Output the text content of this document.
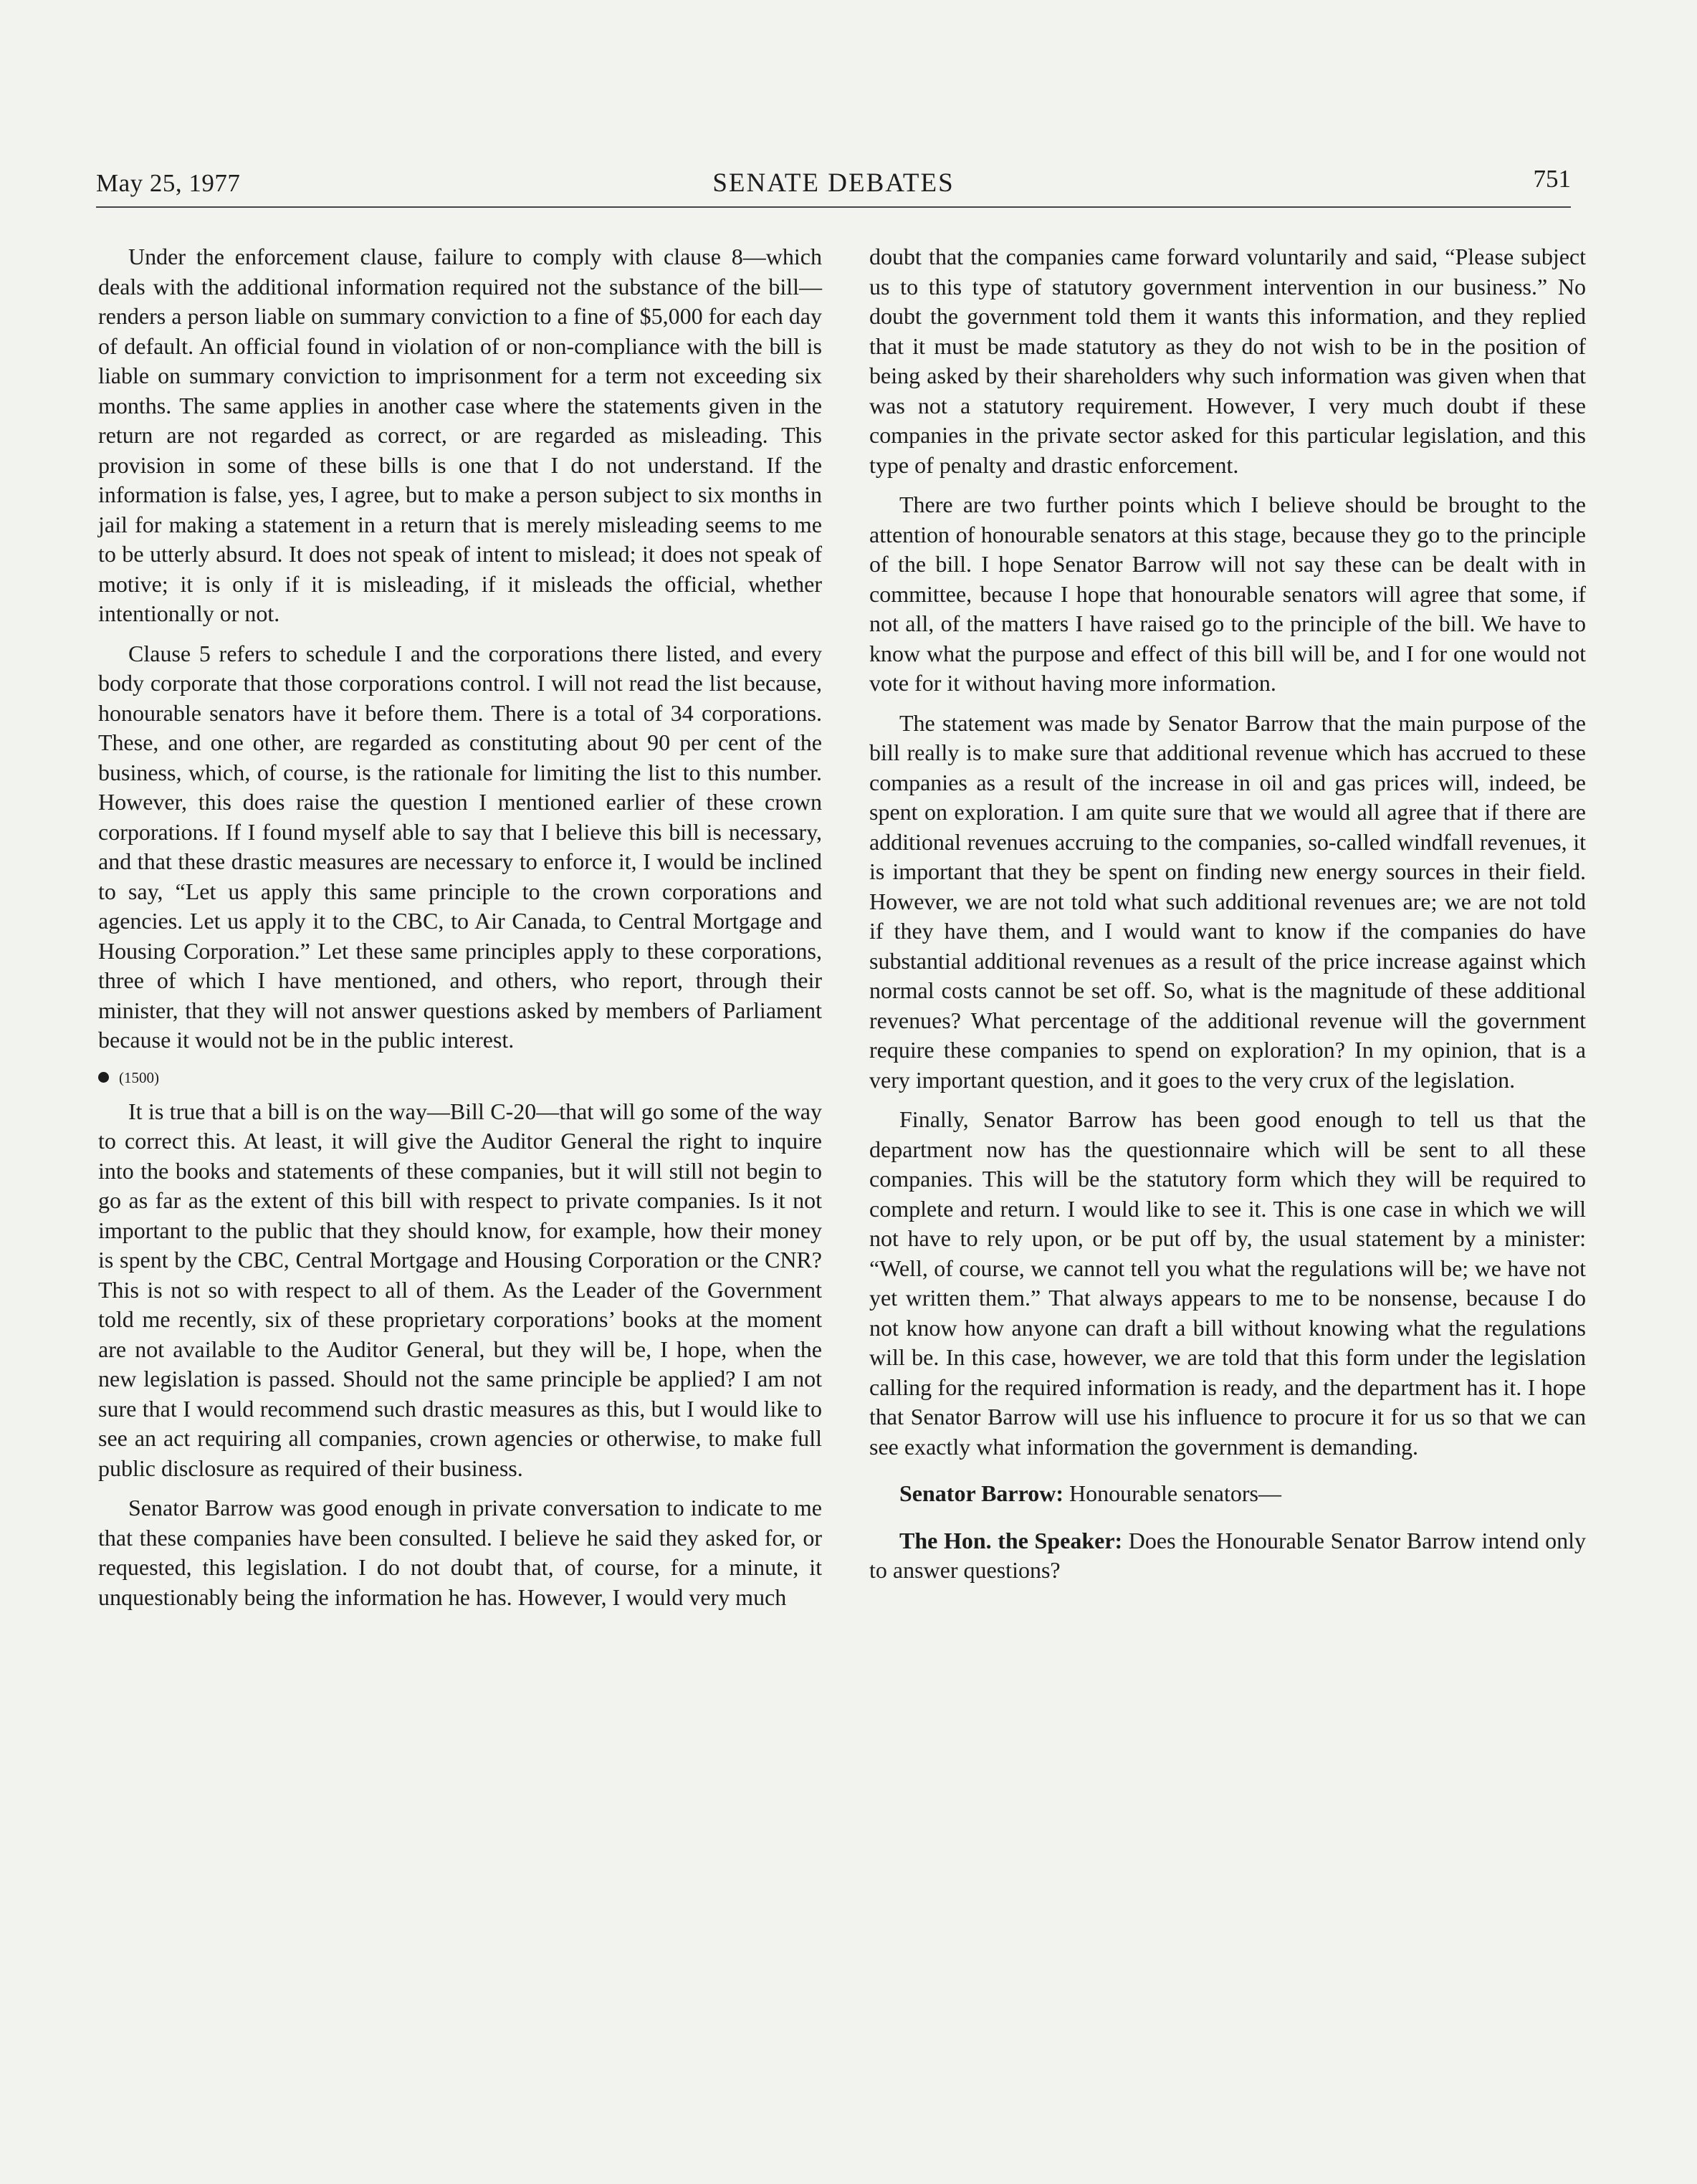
May 25, 1977	SENATE DEBATES	751

Under the enforcement clause, failure to comply with clause 8—which deals with the additional information required not the substance of the bill—renders a person liable on summary conviction to a fine of $5,000 for each day of default. An official found in violation of or non-compliance with the bill is liable on summary conviction to imprisonment for a term not exceeding six months. The same applies in another case where the statements given in the return are not regarded as correct, or are regarded as misleading. This provision in some of these bills is one that I do not understand. If the information is false, yes, I agree, but to make a person subject to six months in jail for making a statement in a return that is merely misleading seems to me to be utterly absurd. It does not speak of intent to mislead; it does not speak of motive; it is only if it is misleading, if it misleads the official, whether intentionally or not.

Clause 5 refers to schedule I and the corporations there listed, and every body corporate that those corporations control. I will not read the list because, honourable senators have it before them. There is a total of 34 corporations. These, and one other, are regarded as constituting about 90 per cent of the business, which, of course, is the rationale for limiting the list to this number. However, this does raise the question I mentioned earlier of these crown corporations. If I found myself able to say that I believe this bill is necessary, and that these drastic measures are necessary to enforce it, I would be inclined to say, “Let us apply this same principle to the crown corporations and agencies. Let us apply it to the CBC, to Air Canada, to Central Mortgage and Housing Corporation.” Let these same principles apply to these corporations, three of which I have mentioned, and others, who report, through their minister, that they will not answer questions asked by members of Parliament because it would not be in the public interest.

(1500)

It is true that a bill is on the way—Bill C-20—that will go some of the way to correct this. At least, it will give the Auditor General the right to inquire into the books and statements of these companies, but it will still not begin to go as far as the extent of this bill with respect to private companies. Is it not important to the public that they should know, for example, how their money is spent by the CBC, Central Mortgage and Housing Corporation or the CNR? This is not so with respect to all of them. As the Leader of the Government told me recently, six of these proprietary corporations’ books at the moment are not available to the Auditor General, but they will be, I hope, when the new legislation is passed. Should not the same principle be applied? I am not sure that I would recommend such drastic measures as this, but I would like to see an act requiring all companies, crown agencies or otherwise, to make full public disclosure as required of their business.

Senator Barrow was good enough in private conversation to indicate to me that these companies have been consulted. I believe he said they asked for, or requested, this legislation. I do not doubt that, of course, for a minute, it unquestionably being the information he has. However, I would very much

doubt that the companies came forward voluntarily and said, “Please subject us to this type of statutory government intervention in our business.” No doubt the government told them it wants this information, and they replied that it must be made statutory as they do not wish to be in the position of being asked by their shareholders why such information was given when that was not a statutory requirement. However, I very much doubt if these companies in the private sector asked for this particular legislation, and this type of penalty and drastic enforcement.

There are two further points which I believe should be brought to the attention of honourable senators at this stage, because they go to the principle of the bill. I hope Senator Barrow will not say these can be dealt with in committee, because I hope that honourable senators will agree that some, if not all, of the matters I have raised go to the principle of the bill. We have to know what the purpose and effect of this bill will be, and I for one would not vote for it without having more information.

The statement was made by Senator Barrow that the main purpose of the bill really is to make sure that additional revenue which has accrued to these companies as a result of the increase in oil and gas prices will, indeed, be spent on exploration. I am quite sure that we would all agree that if there are additional revenues accruing to the companies, so-called windfall revenues, it is important that they be spent on finding new energy sources in their field. However, we are not told what such additional revenues are; we are not told if they have them, and I would want to know if the companies do have substantial additional revenues as a result of the price increase against which normal costs cannot be set off. So, what is the magnitude of these additional revenues? What percentage of the additional revenue will the government require these companies to spend on exploration? In my opinion, that is a very important question, and it goes to the very crux of the legislation.

Finally, Senator Barrow has been good enough to tell us that the department now has the questionnaire which will be sent to all these companies. This will be the statutory form which they will be required to complete and return. I would like to see it. This is one case in which we will not have to rely upon, or be put off by, the usual statement by a minister: “Well, of course, we cannot tell you what the regulations will be; we have not yet written them.” That always appears to me to be nonsense, because I do not know how anyone can draft a bill without knowing what the regulations will be. In this case, however, we are told that this form under the legislation calling for the required information is ready, and the department has it. I hope that Senator Barrow will use his influence to procure it for us so that we can see exactly what information the government is demanding.

Senator Barrow: Honourable senators—

The Hon. the Speaker: Does the Honourable Senator Barrow intend only to answer questions?
